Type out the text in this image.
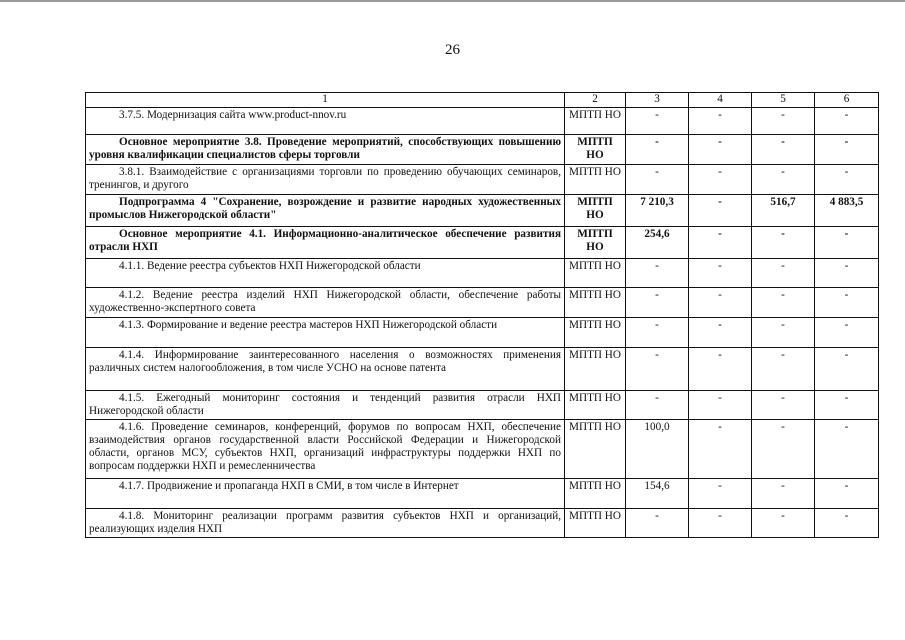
26
1	2	3	4	5	6
3.7.5. Модернизация сайта www.product-nnov.ru	МПТП НО	-	-	-	-
Основное мероприятие 3.8. Проведение мероприятий, способствующих повышению уровня квалификации специалистов сферы торговли	МПТП НО	-	-	-	-
3.8.1. Взаимодействие с организациями торговли по проведению обучающих семинаров, тренингов, и другого	МПТП НО	-	-	-	-
Подпрограмма 4 "Сохранение, возрождение и развитие народных художественных промыслов Нижегородской области"	МПТП НО	7 210,3	-	516,7	4 883,5
Основное мероприятие 4.1. Информационно-аналитическое обеспечение развития отрасли НХП	МПТП НО	254,6	-	-	-
4.1.1. Ведение реестра субъектов НХП Нижегородской области	МПТП НО	-	-	-	-
4.1.2. Ведение реестра изделий НХП Нижегородской области, обеспечение работы художественно-экспертного совета	МПТП НО	-	-	-	-
4.1.3. Формирование и ведение реестра мастеров НХП Нижегородской области	МПТП НО	-	-	-	-
4.1.4. Информирование заинтересованного населения о возможностях применения различных систем налогообложения, в том числе УСНО на основе патента	МПТП НО	-	-	-	-
4.1.5. Ежегодный мониторинг состояния и тенденций развития отрасли НХП Нижегородской области	МПТП НО	-	-	-	-
4.1.6. Проведение семинаров, конференций, форумов по вопросам НХП, обеспечение взаимодействия органов государственной власти Российской Федерации и Нижегородской области, органов МСУ, субъектов НХП, организаций инфраструктуры поддержки НХП по вопросам поддержки НХП и ремесленничества	МПТП НО	100,0	-	-	-
4.1.7. Продвижение и пропаганда НХП в СМИ, в том числе в Интернет	МПТП НО	154,6	-	-	-
4.1.8. Мониторинг реализации программ развития субъектов НХП и организаций, реализующих изделия НХП	МПТП НО	-	-	-	-
